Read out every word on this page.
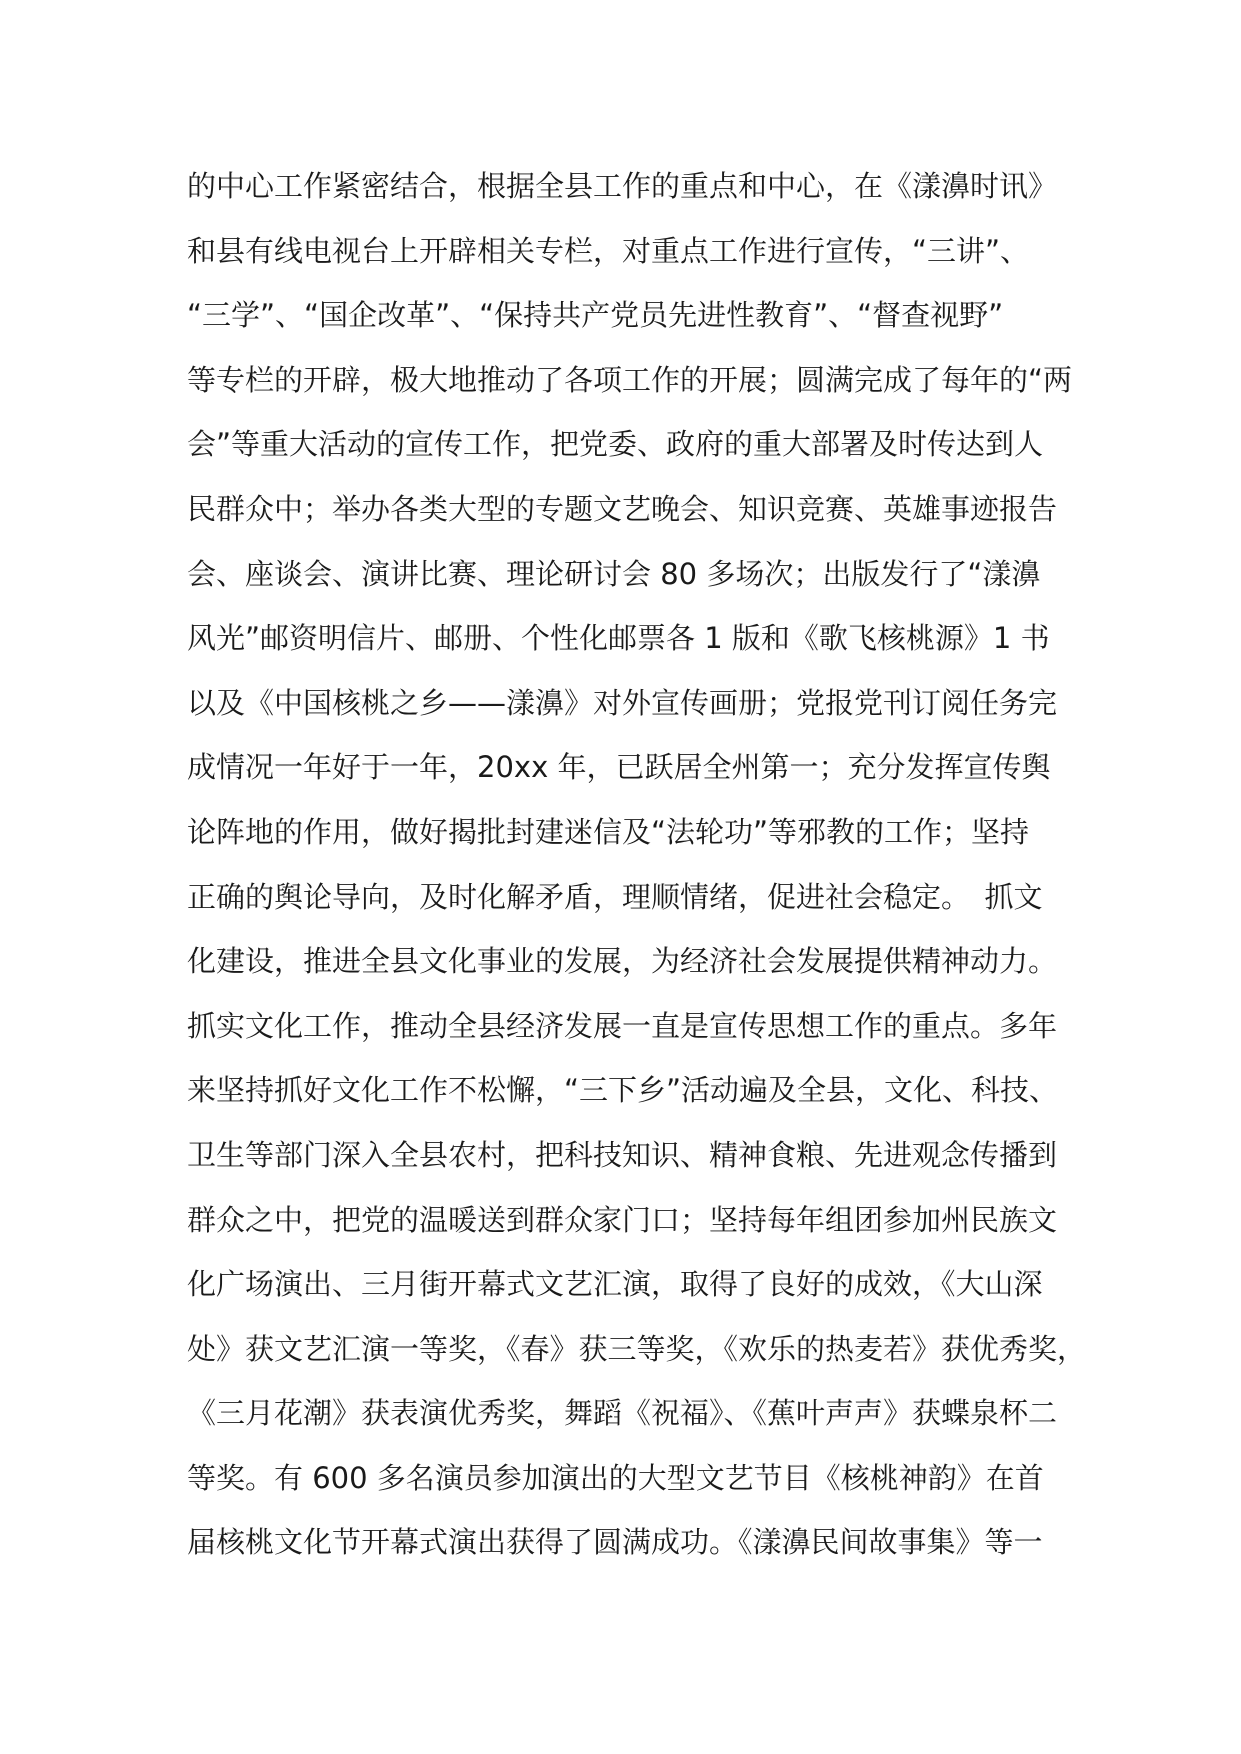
的中心工作紧密结合，根据全县工作的重点和中心，在《漾濞时讯》
和县有线电视台上开辟相关专栏，对重点工作进行宣传，“三讲”、
“三学”、“国企改革”、“保持共产党员先进性教育”、“督查视野”
等专栏的开辟，极大地推动了各项工作的开展；圆满完成了每年的“两
会”等重大活动的宣传工作，把党委、政府的重大部署及时传达到人
民群众中；举办各类大型的专题文艺晚会、知识竞赛、英雄事迹报告
会、座谈会、演讲比赛、理论研讨会 80 多场次；出版发行了“漾濞
风光”邮资明信片、邮册、个性化邮票各 1 版和《歌飞核桃源》1 书
以及《中国核桃之乡——漾濞》对外宣传画册；党报党刊订阅任务完
成情况一年好于一年，20xx 年，已跃居全州第一；充分发挥宣传舆
论阵地的作用，做好揭批封建迷信及“法轮功”等邪教的工作；坚持
正确的舆论导向，及时化解矛盾，理顺情绪，促进社会稳定。　抓文
化建设，推进全县文化事业的发展，为经济社会发展提供精神动力。
抓实文化工作，推动全县经济发展一直是宣传思想工作的重点。多年
来坚持抓好文化工作不松懈，“三下乡”活动遍及全县，文化、科技、
卫生等部门深入全县农村，把科技知识、精神食粮、先进观念传播到
群众之中，把党的温暖送到群众家门口；坚持每年组团参加州民族文
化广场演出、三月街开幕式文艺汇演，取得了良好的成效，《大山深
处》获文艺汇演一等奖，《春》获三等奖，《欢乐的热麦若》获优秀奖，
《三月花潮》获表演优秀奖，舞蹈《祝福》、《蕉叶声声》获蝶泉杯二
等奖。有 600 多名演员参加演出的大型文艺节目《核桃神韵》在首
届核桃文化节开幕式演出获得了圆满成功。《漾濞民间故事集》等一
